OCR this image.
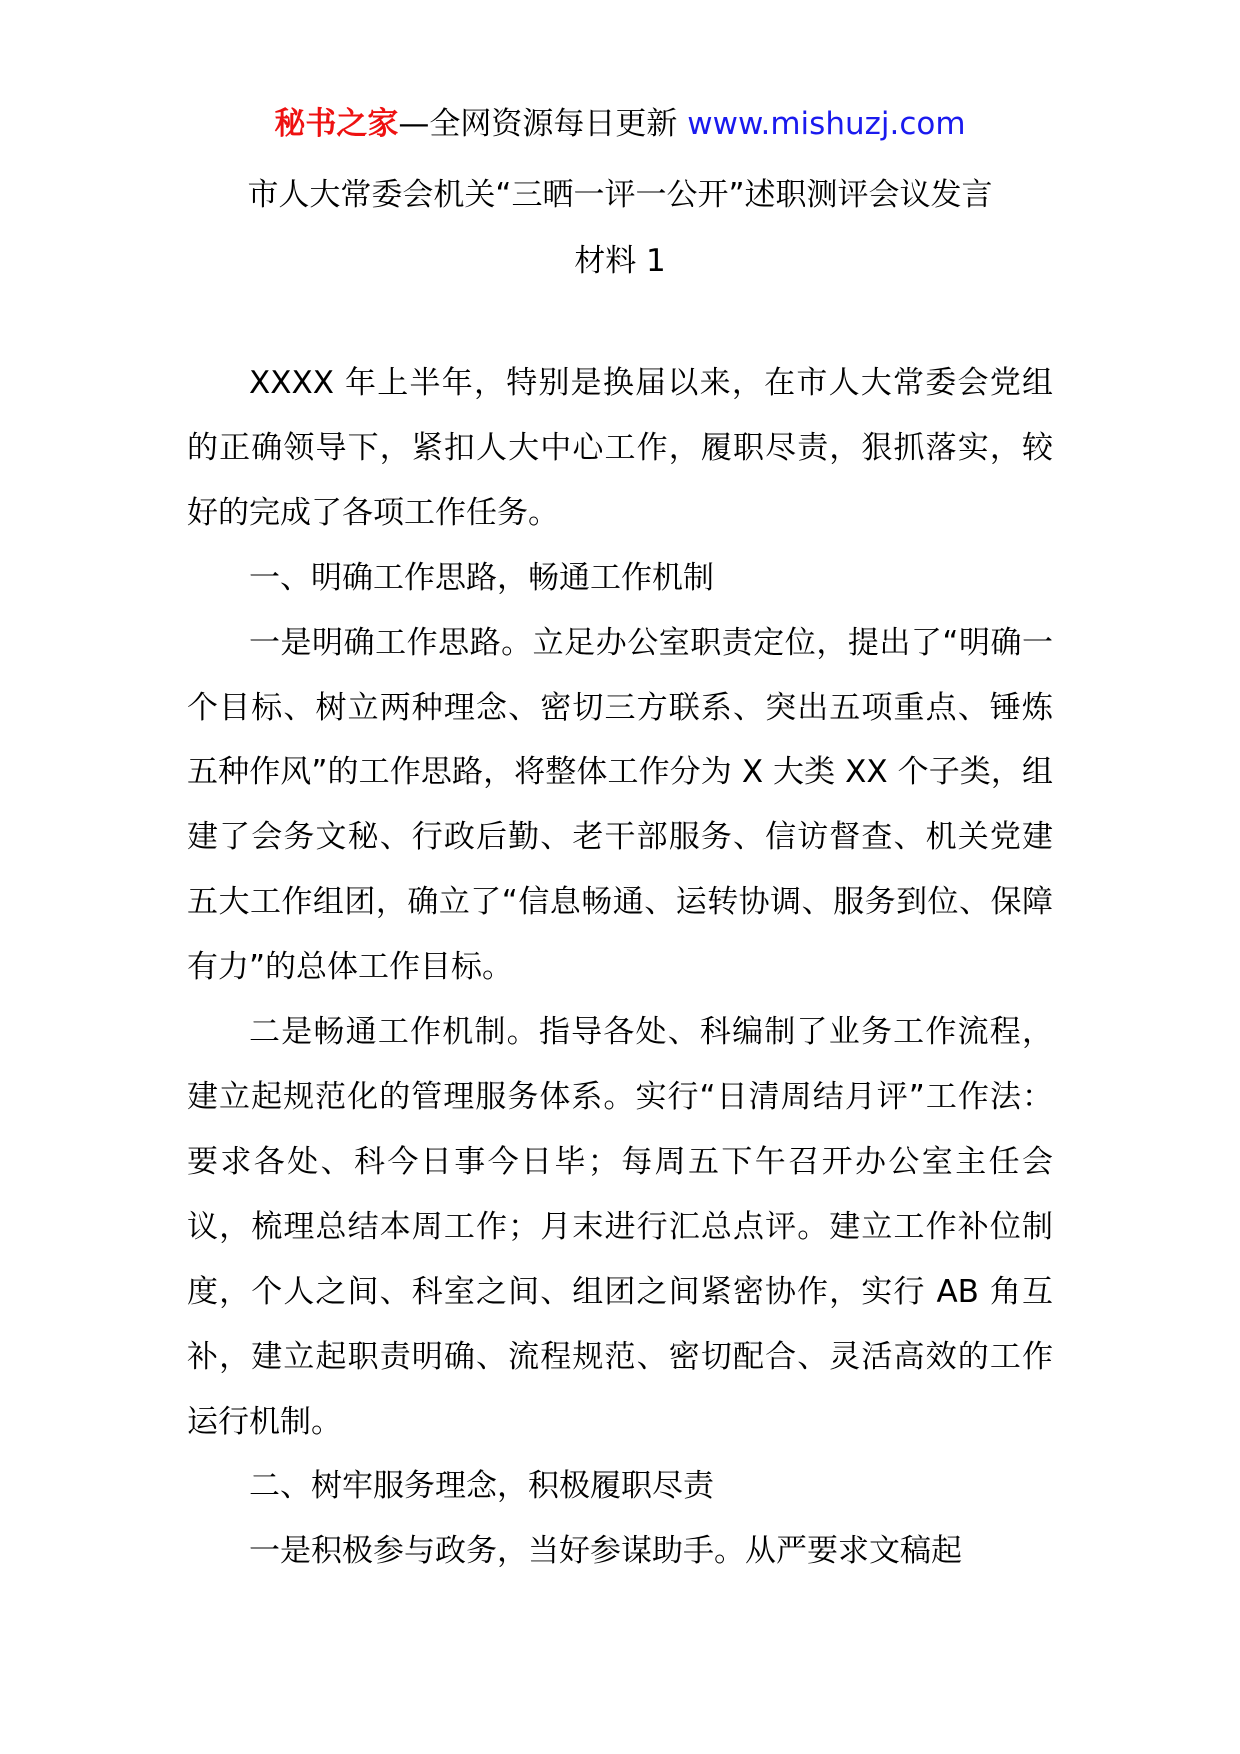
秘书之家—全网资源每日更新 www.mishuzj.com
市人大常委会机关“三晒一评一公开”述职测评会议发言
材料 1

XXXX 年上半年，特别是换届以来，在市人大常委会党组的正确领导下，紧扣人大中心工作，履职尽责，狠抓落实，较好的完成了各项工作任务。

一、明确工作思路，畅通工作机制

一是明确工作思路。立足办公室职责定位，提出了“明确一个目标、树立两种理念、密切三方联系、突出五项重点、锤炼五种作风”的工作思路，将整体工作分为 X 大类 XX 个子类，组建了会务文秘、行政后勤、老干部服务、信访督查、机关党建五大工作组团，确立了“信息畅通、运转协调、服务到位、保障有力”的总体工作目标。

二是畅通工作机制。指导各处、科编制了业务工作流程，建立起规范化的管理服务体系。实行“日清周结月评”工作法：要求各处、科今日事今日毕；每周五下午召开办公室主任会议，梳理总结本周工作；月末进行汇总点评。建立工作补位制度，个人之间、科室之间、组团之间紧密协作，实行 AB 角互补，建立起职责明确、流程规范、密切配合、灵活高效的工作运行机制。

二、树牢服务理念，积极履职尽责

一是积极参与政务，当好参谋助手。从严要求文稿起
